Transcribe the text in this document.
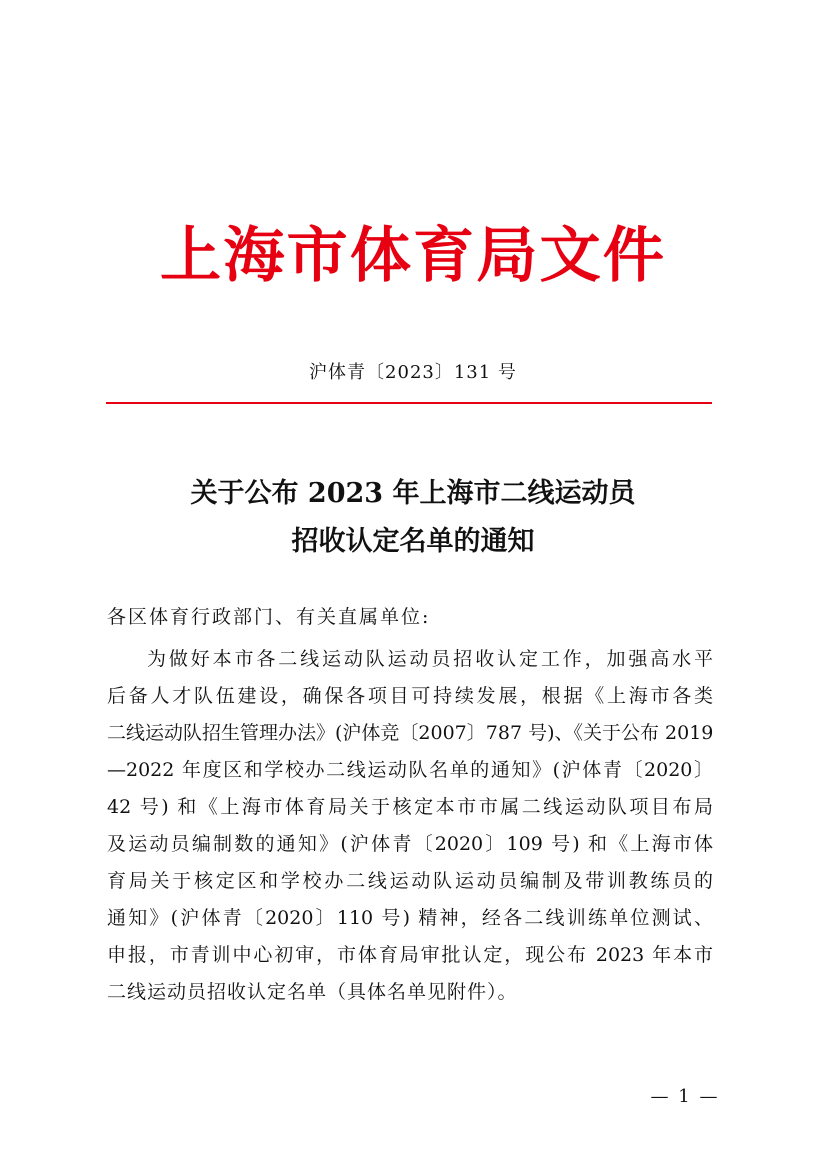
上海市体育局文件
沪体青〔2023〕131 号
关于公布 2023 年上海市二线运动员
招收认定名单的通知
各区体育行政部门、有关直属单位:
为做好本市各二线运动队运动员招收认定工作，加强高水平
后备人才队伍建设，确保各项目可持续发展，根据《上海市各类
二线运动队招生管理办法》(沪体竞〔2007〕787 号)、《关于公布 2019
—2022 年度区和学校办二线运动队名单的通知》(沪体青〔2020〕
42 号) 和《上海市体育局关于核定本市市属二线运动队项目布局
及运动员编制数的通知》(沪体青〔2020〕109 号) 和《上海市体
育局关于核定区和学校办二线运动队运动员编制及带训教练员的
通知》(沪体青〔2020〕110 号) 精神，经各二线训练单位测试、
申报，市青训中心初审，市体育局审批认定，现公布 2023 年本市
二线运动员招收认定名单（具体名单见附件）。
— 1 —
